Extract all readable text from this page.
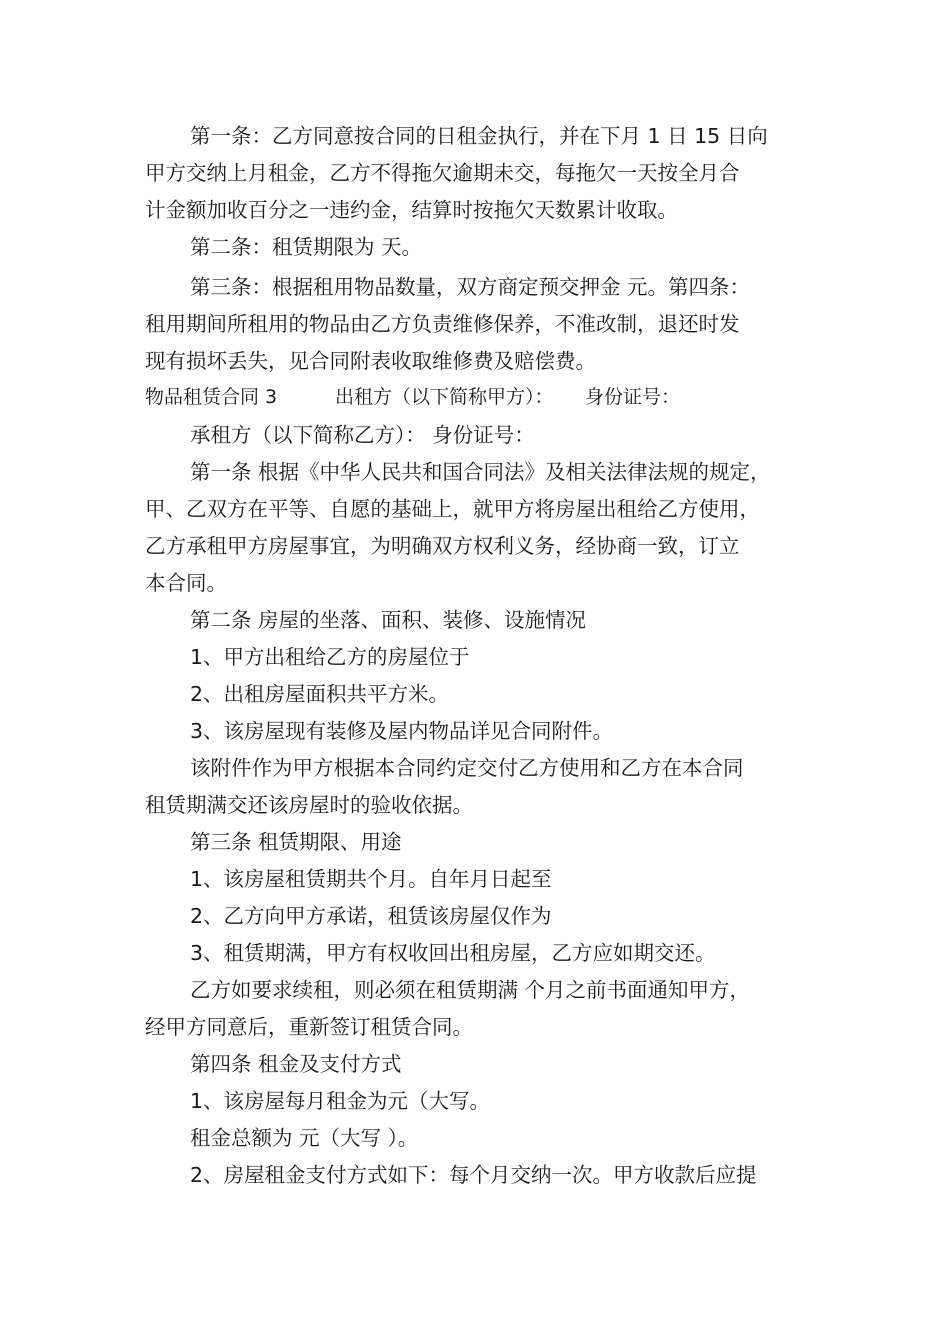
第一条：乙方同意按合同的日租金执行，并在下月 1 日 15 日向
甲方交纳上月租金，乙方不得拖欠逾期未交，每拖欠一天按全月合
计金额加收百分之一违约金，结算时按拖欠天数累计收取。
第二条：租赁期限为 天。
第三条：根据租用物品数量，双方商定预交押金 元。第四条：
租用期间所租用的物品由乙方负责维修保养，不准改制，退还时发
现有损坏丢失，见合同附表收取维修费及赔偿费。
物品租赁合同 3	出租方（以下简称甲方）： 身份证号：
承租方（以下简称乙方）： 身份证号：
第一条 根据《中华人民共和国合同法》及相关法律法规的规定，
甲、乙双方在平等、自愿的基础上，就甲方将房屋出租给乙方使用，
乙方承租甲方房屋事宜，为明确双方权利义务，经协商一致，订立
本合同。
第二条 房屋的坐落、面积、装修、设施情况
1、甲方出租给乙方的房屋位于
2、出租房屋面积共平方米。
3、该房屋现有装修及屋内物品详见合同附件。
该附件作为甲方根据本合同约定交付乙方使用和乙方在本合同
租赁期满交还该房屋时的验收依据。
第三条 租赁期限、用途
1、该房屋租赁期共个月。自年月日起至
2、乙方向甲方承诺，租赁该房屋仅作为
3、租赁期满，甲方有权收回出租房屋，乙方应如期交还。
乙方如要求续租，则必须在租赁期满 个月之前书面通知甲方，
经甲方同意后，重新签订租赁合同。
第四条 租金及支付方式
1、该房屋每月租金为元（大写。
租金总额为 元（大写 ）。
2、房屋租金支付方式如下：每个月交纳一次。甲方收款后应提
